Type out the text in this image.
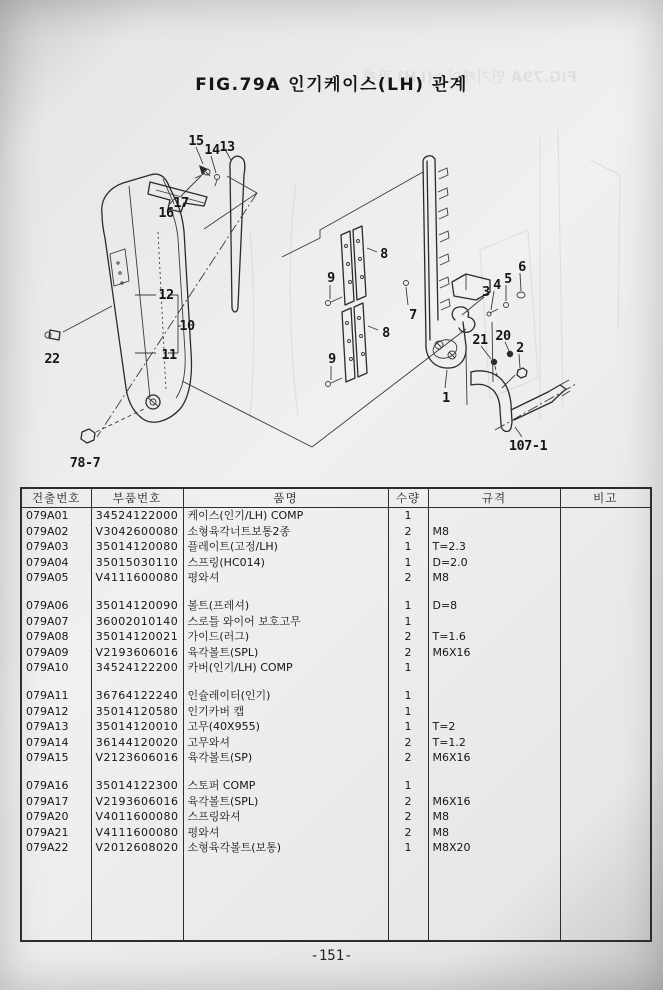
FIG.79A 인기케이스(LH) 관계
FIG.79A 인기케이스(LH) 관계
15
14 13
17
16
12
10
11
22
78-7
8
9
8
9
7
1
3 4 5
6
21 20
2
107-1
건출번호	부품번호	품명	수량	규격	비고
079A01	34524122000	케이스(인기/LH) COMP	1		
079A02	V3042600080	소형육각너트보통2종	2	M8	
079A03	35014120080	플레이트(고정/LH)	1	T=2.3	
079A04	35015030110	스프링(HC014)	1	D=2.0	
079A05	V4111600080	평와셔	2	M8	

079A06	35014120090	볼트(프레셔)	1	D=8	
079A07	36002010140	스로틀 와이어 보호고무	1		
079A08	35014120021	가이드(러그)	2	T=1.6	
079A09	V2193606016	육각볼트(SPL)	2	M6X16	
079A10	34524122200	카버(인기/LH) COMP	1		

079A11	36764122240	인슐레이터(인기)	1		
079A12	35014120580	인기카버 캡	1		
079A13	35014120010	고무(40X955)	1	T=2	
079A14	36144120020	고무와셔	2	T=1.2	
079A15	V2123606016	육각볼트(SP)	2	M6X16	

079A16	35014122300	스토퍼 COMP	1		
079A17	V2193606016	육각볼트(SPL)	2	M6X16	
079A20	V4011600080	스프링와셔	2	M8	
079A21	V4111600080	평와셔	2	M8	
079A22	V2012608020	소형육각볼트(보통)	1	M8X20	

-151-
